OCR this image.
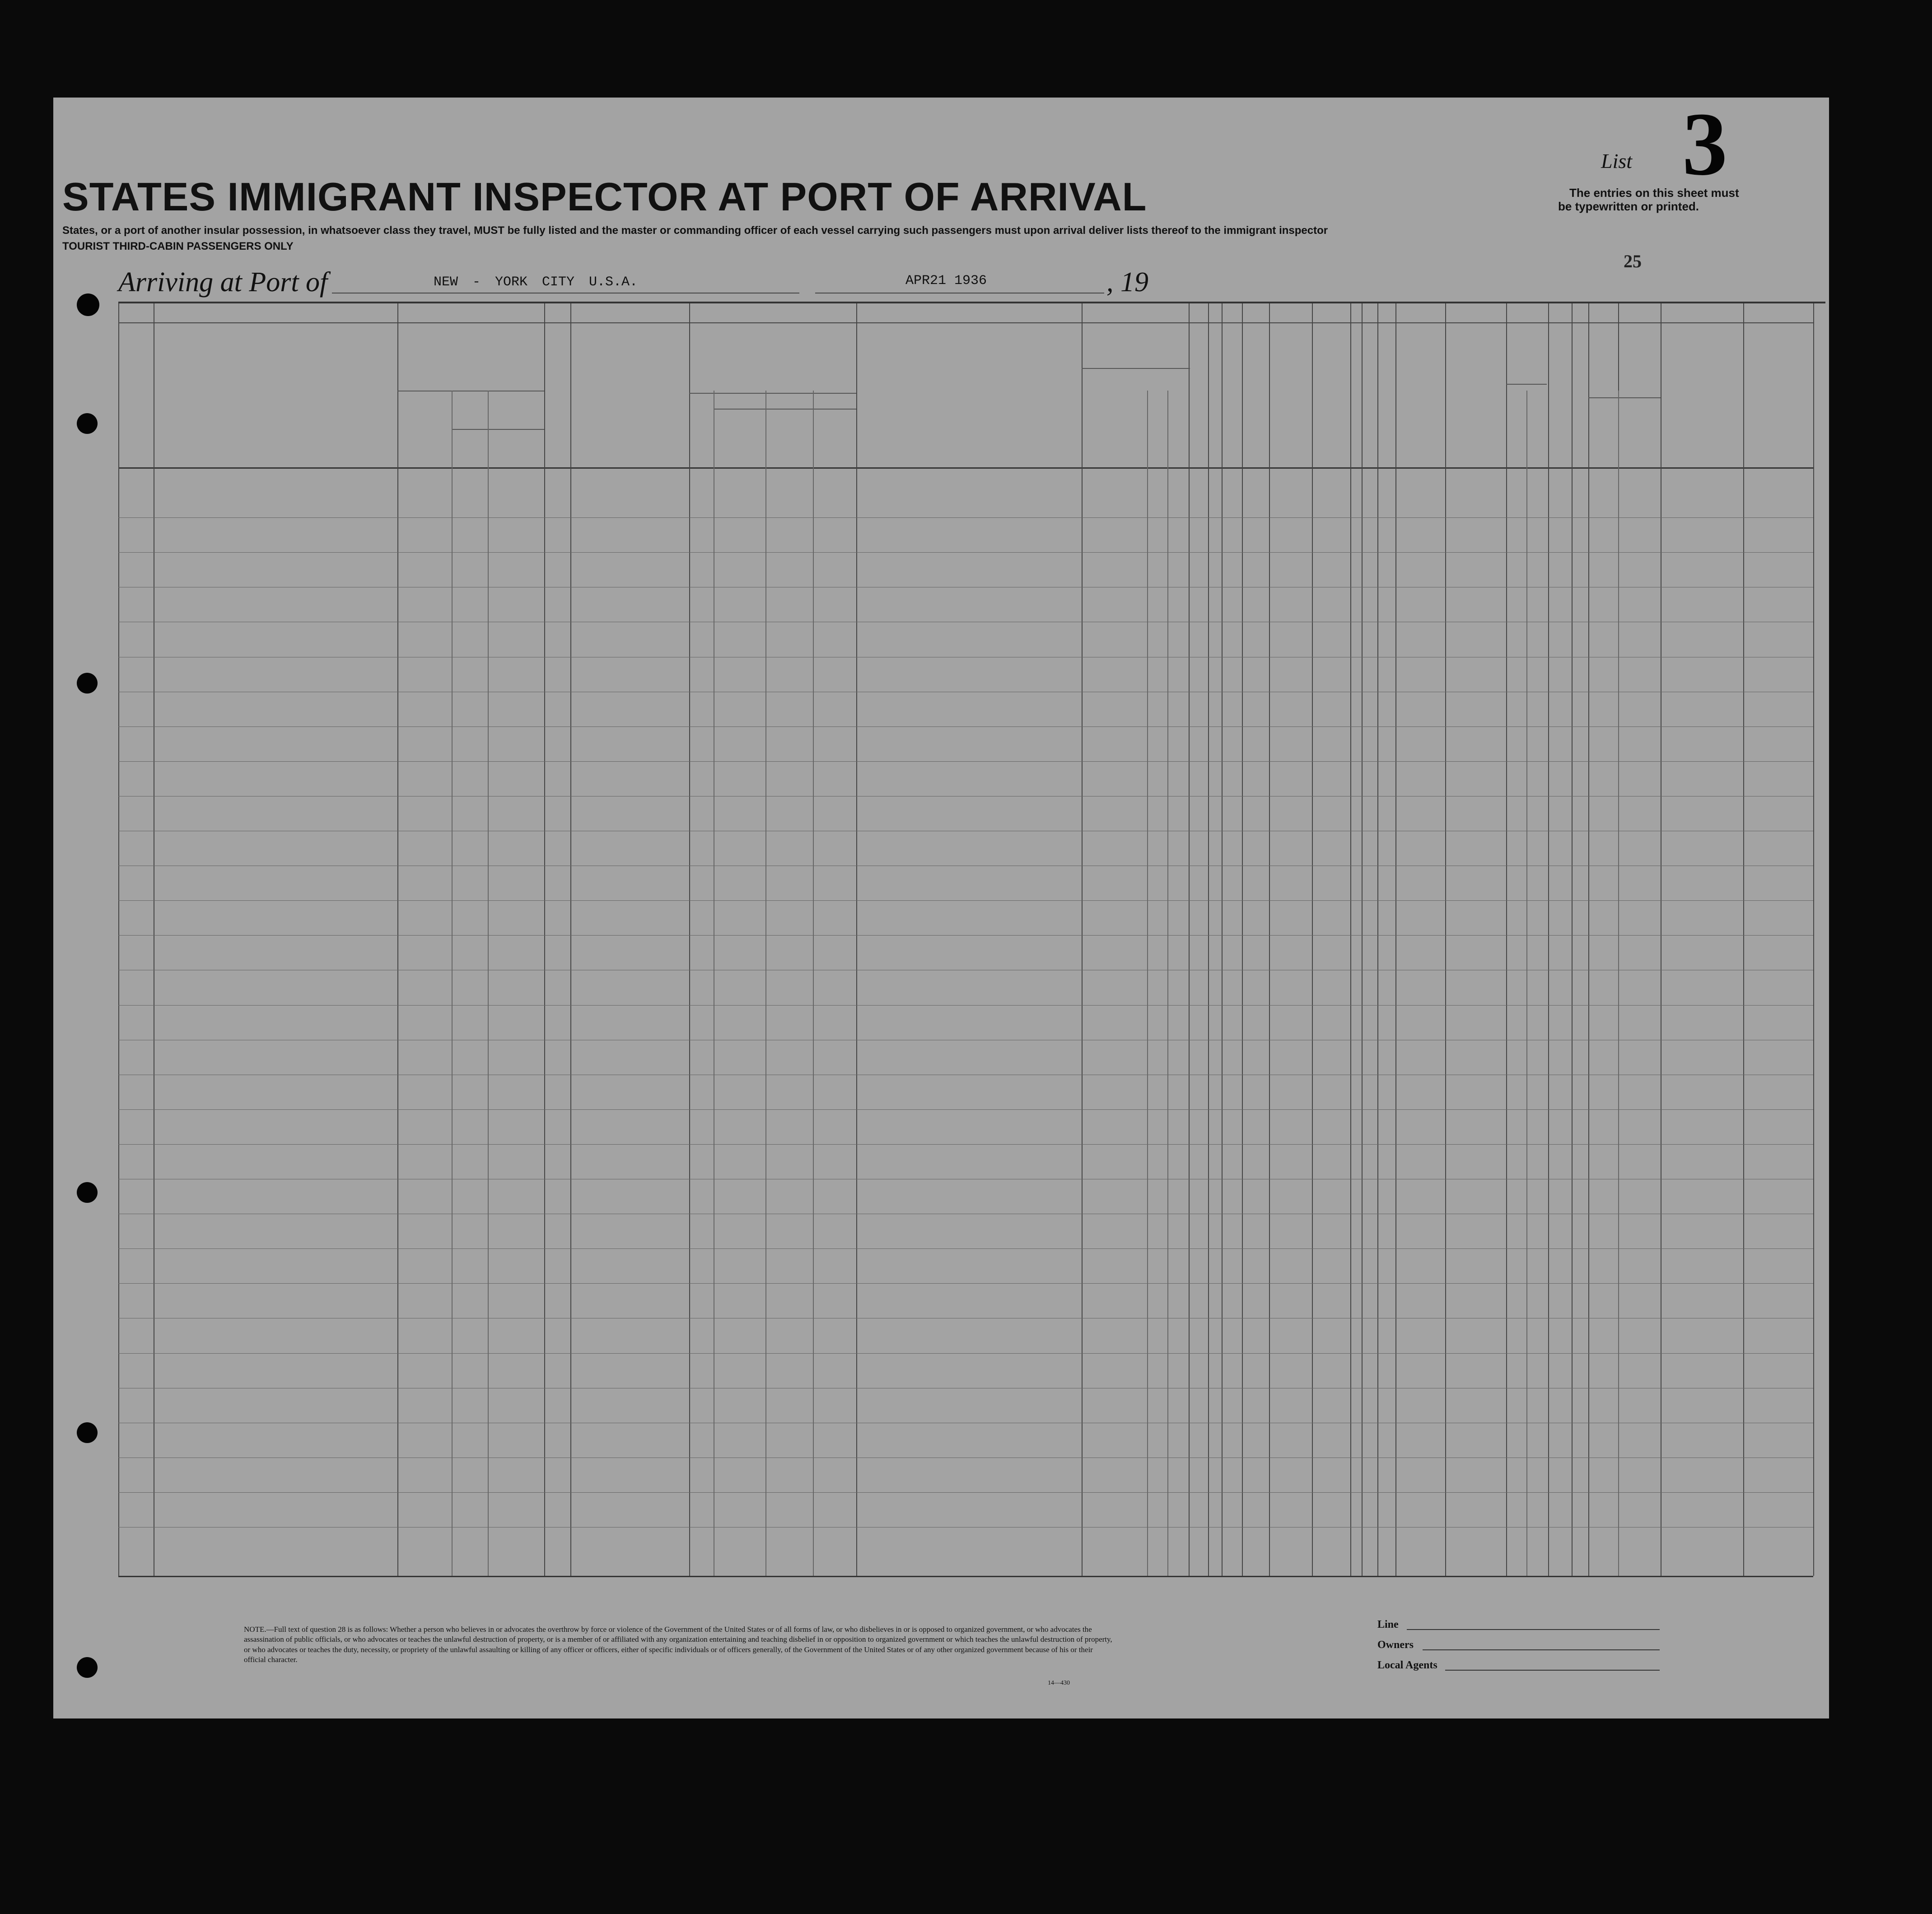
STATES IMMIGRANT INSPECTOR AT PORT OF ARRIVAL
States, or a port of another insular possession, in whatsoever class they travel, MUST be fully listed and the master or commanding officer of each vessel carrying such passengers must upon arrival deliver lists thereof to the immigrant inspector
TOURIST THIRD-CABIN PASSENGERS ONLY
List 3
The entries on this sheet must
be typewritten or printed.
25
Arriving at Port of	NEW - YORK CITY U.S.A.	APR21 1936	, 19
NOTE.—Full text of question 28 is as follows: Whether a person who believes in or advocates the overthrow by force or violence of the Government of the United States or of all forms of law, or who disbelieves in or is opposed to organized government, or who advocates the assassination of public officials, or who advocates or teaches the unlawful destruction of property, or is a member of or affiliated with any organization entertaining and teaching disbelief in or opposition to organized government or which teaches the unlawful destruction of property, or who advocates or teaches the duty, necessity, or propriety of the unlawful assaulting or killing of any officer or officers, either of specific individuals or of officers generally, of the Government of the United States or of any other organized government because of his or their official character.
14—430
Line
Owners
Local Agents
